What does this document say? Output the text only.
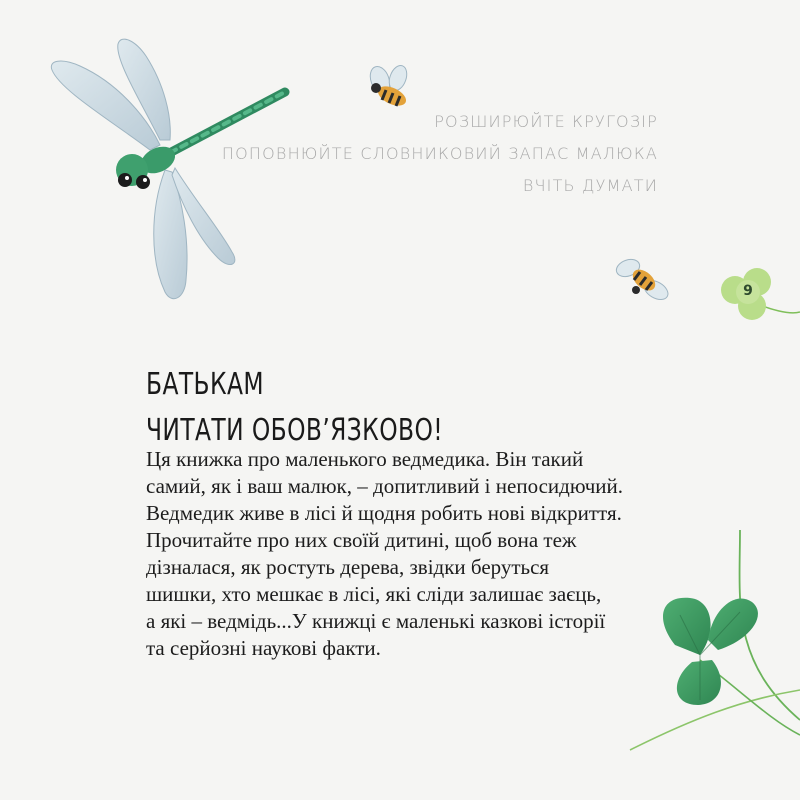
РОЗШИРЮЙТЕ КРУГОЗІР
ПОПОВНЮЙТЕ СЛОВНИКОВИЙ ЗАПАС МАЛЮКА
ВЧІТЬ ДУМАТИ
9
БАТЬКАМ
ЧИТАТИ ОБОВ’ЯЗКОВО!
Ця книжка про маленького ведмедика. Він такий
самий, як і ваш малюк, – допитливий і непосидючий.
Ведмедик живе в лісі й щодня робить нові відкриття.
Прочитайте про них своїй дитині, щоб вона теж
дізналася, як ростуть дерева, звідки беруться
шишки, хто мешкає в лісі, які сліди залишає заєць,
а які – ведмідь...У книжці є маленькі казкові історії
та серйозні наукові факти.
